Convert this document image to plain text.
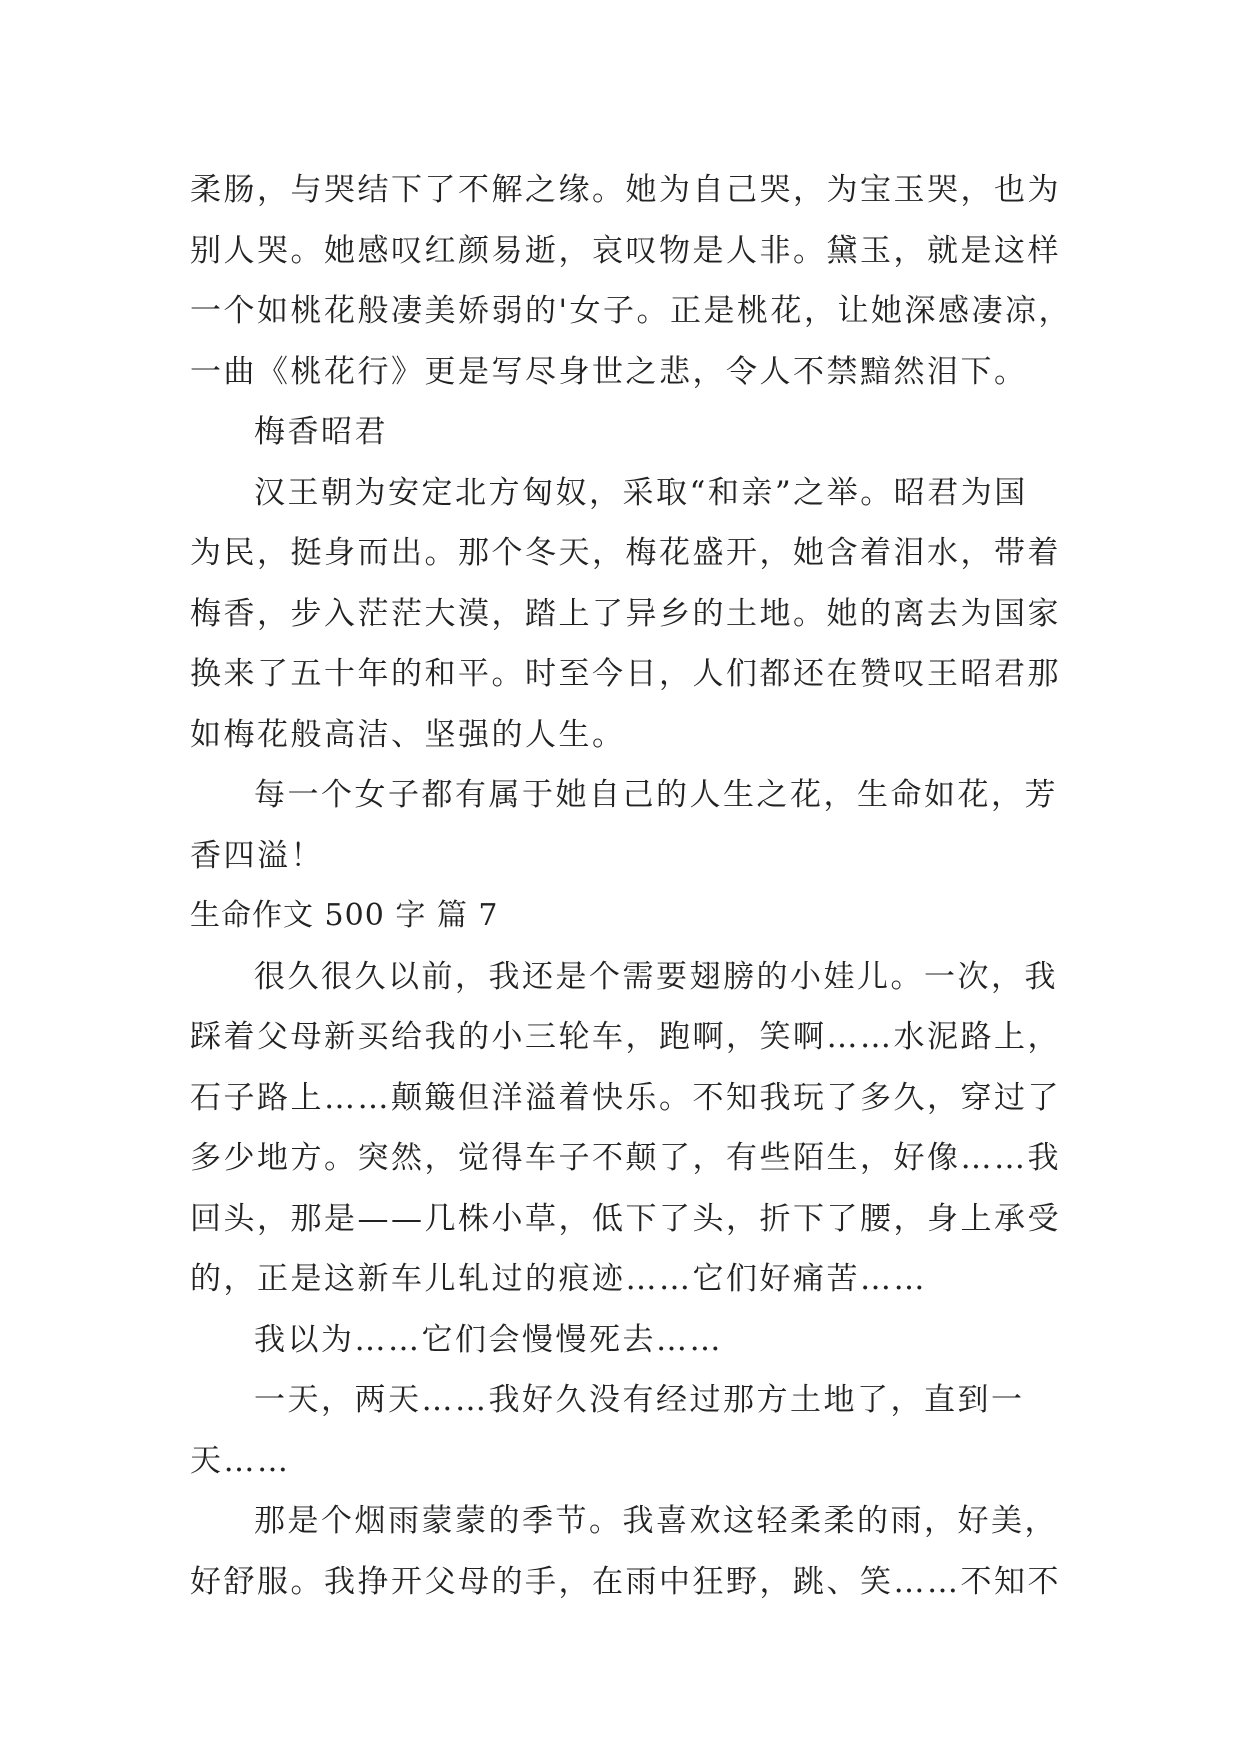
柔肠，与哭结下了不解之缘。她为自己哭，为宝玉哭，也为
别人哭。她感叹红颜易逝，哀叹物是人非。黛玉，就是这样
一个如桃花般凄美娇弱的'女子。正是桃花，让她深感凄凉，
一曲《桃花行》更是写尽身世之悲，令人不禁黯然泪下。
梅香昭君
汉王朝为安定北方匈奴，采取“和亲”之举。昭君为国
为民，挺身而出。那个冬天，梅花盛开，她含着泪水，带着
梅香，步入茫茫大漠，踏上了异乡的土地。她的离去为国家
换来了五十年的和平。时至今日，人们都还在赞叹王昭君那
如梅花般高洁、坚强的人生。
每一个女子都有属于她自己的人生之花，生命如花，芳
香四溢！
生命作文 500 字 篇 7
很久很久以前，我还是个需要翅膀的小娃儿。一次，我
踩着父母新买给我的小三轮车，跑啊，笑啊……水泥路上，
石子路上……颠簸但洋溢着快乐。不知我玩了多久，穿过了
多少地方。突然，觉得车子不颠了，有些陌生，好像……我
回头，那是——几株小草，低下了头，折下了腰，身上承受
的，正是这新车儿轧过的痕迹……它们好痛苦……
我以为……它们会慢慢死去……
一天，两天……我好久没有经过那方土地了，直到一
天……
那是个烟雨蒙蒙的季节。我喜欢这轻柔柔的雨，好美，
好舒服。我挣开父母的手，在雨中狂野，跳、笑……不知不
